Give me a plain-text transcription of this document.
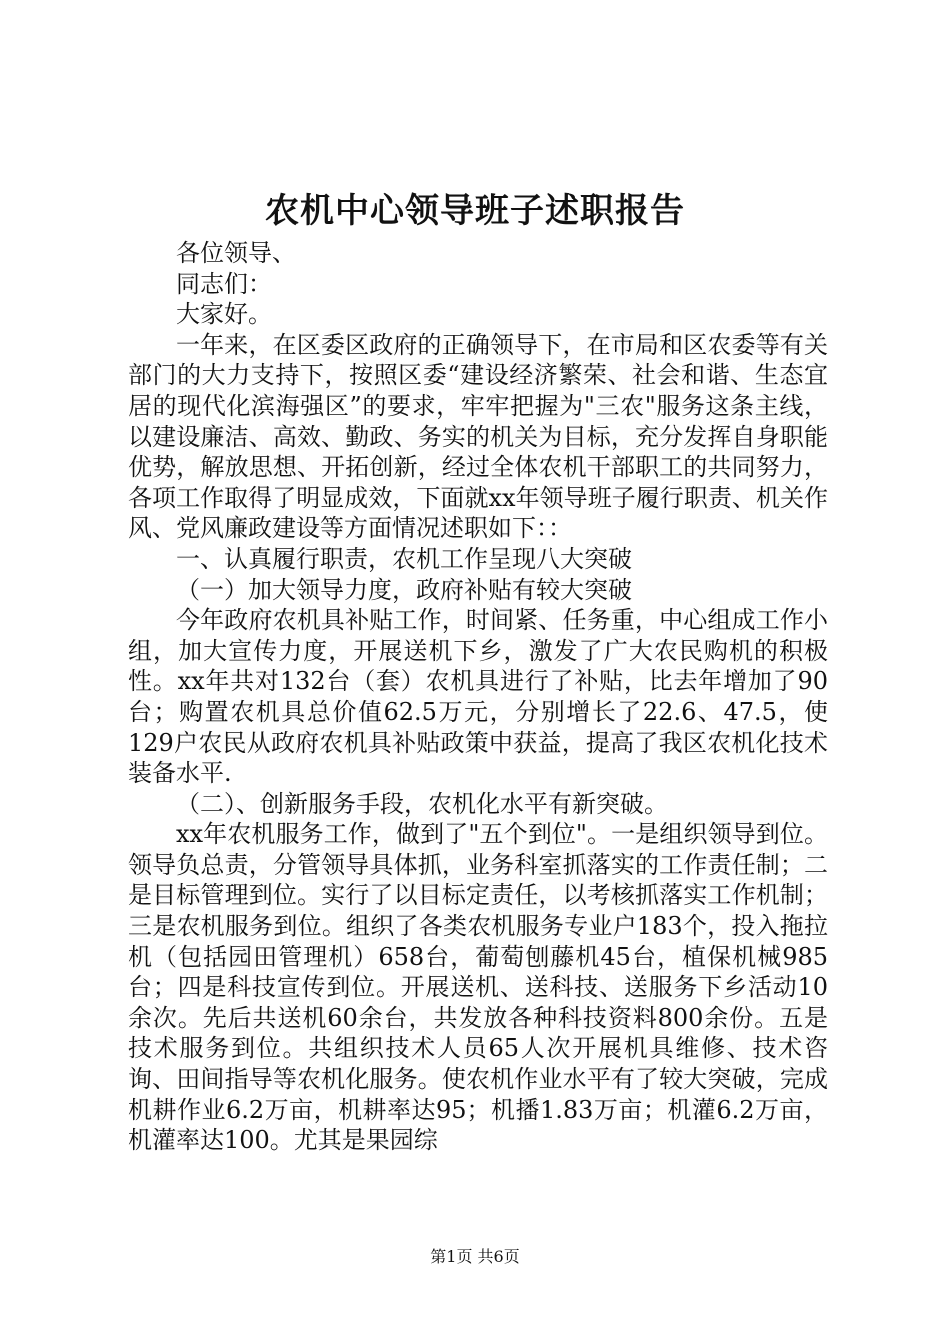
农机中心领导班子述职报告

各位领导、

同志们：

大家好。

一年来，在区委区政府的正确领导下，在市局和区农委等有关部门的大力支持下，按照区委“建设经济繁荣、社会和谐、生态宜居的现代化滨海强区”的要求，牢牢把握为"三农"服务这条主线，以建设廉洁、高效、勤政、务实的机关为目标，充分发挥自身职能优势，解放思想、开拓创新，经过全体农机干部职工的共同努力，各项工作取得了明显成效，下面就xx年领导班子履行职责、机关作风、党风廉政建设等方面情况述职如下：：

一、认真履行职责，农机工作呈现八大突破

（一）加大领导力度，政府补贴有较大突破

今年政府农机具补贴工作，时间紧、任务重，中心组成工作小组，加大宣传力度，开展送机下乡，激发了广大农民购机的积极性。xx年共对132台（套）农机具进行了补贴，比去年增加了90台；购置农机具总价值62.5万元，分别增长了22.6、47.5，使129户农民从政府农机具补贴政策中获益，提高了我区农机化技术装备水平.

（二）、创新服务手段，农机化水平有新突破。

xx年农机服务工作，做到了"五个到位"。一是组织领导到位。领导负总责，分管领导具体抓，业务科室抓落实的工作责任制；二是目标管理到位。实行了以目标定责任，以考核抓落实工作机制；三是农机服务到位。组织了各类农机服务专业户183个，投入拖拉机（包括园田管理机）658台，葡萄刨藤机45台，植保机械985台；四是科技宣传到位。开展送机、送科技、送服务下乡活动10余次。先后共送机60余台，共发放各种科技资料800余份。五是技术服务到位。共组织技术人员65人次开展机具维修、技术咨询、田间指导等农机化服务。使农机作业水平有了较大突破，完成机耕作业6.2万亩，机耕率达95；机播1.83万亩；机灌6.2万亩，机灌率达100。尤其是果园综

第1页 共6页
